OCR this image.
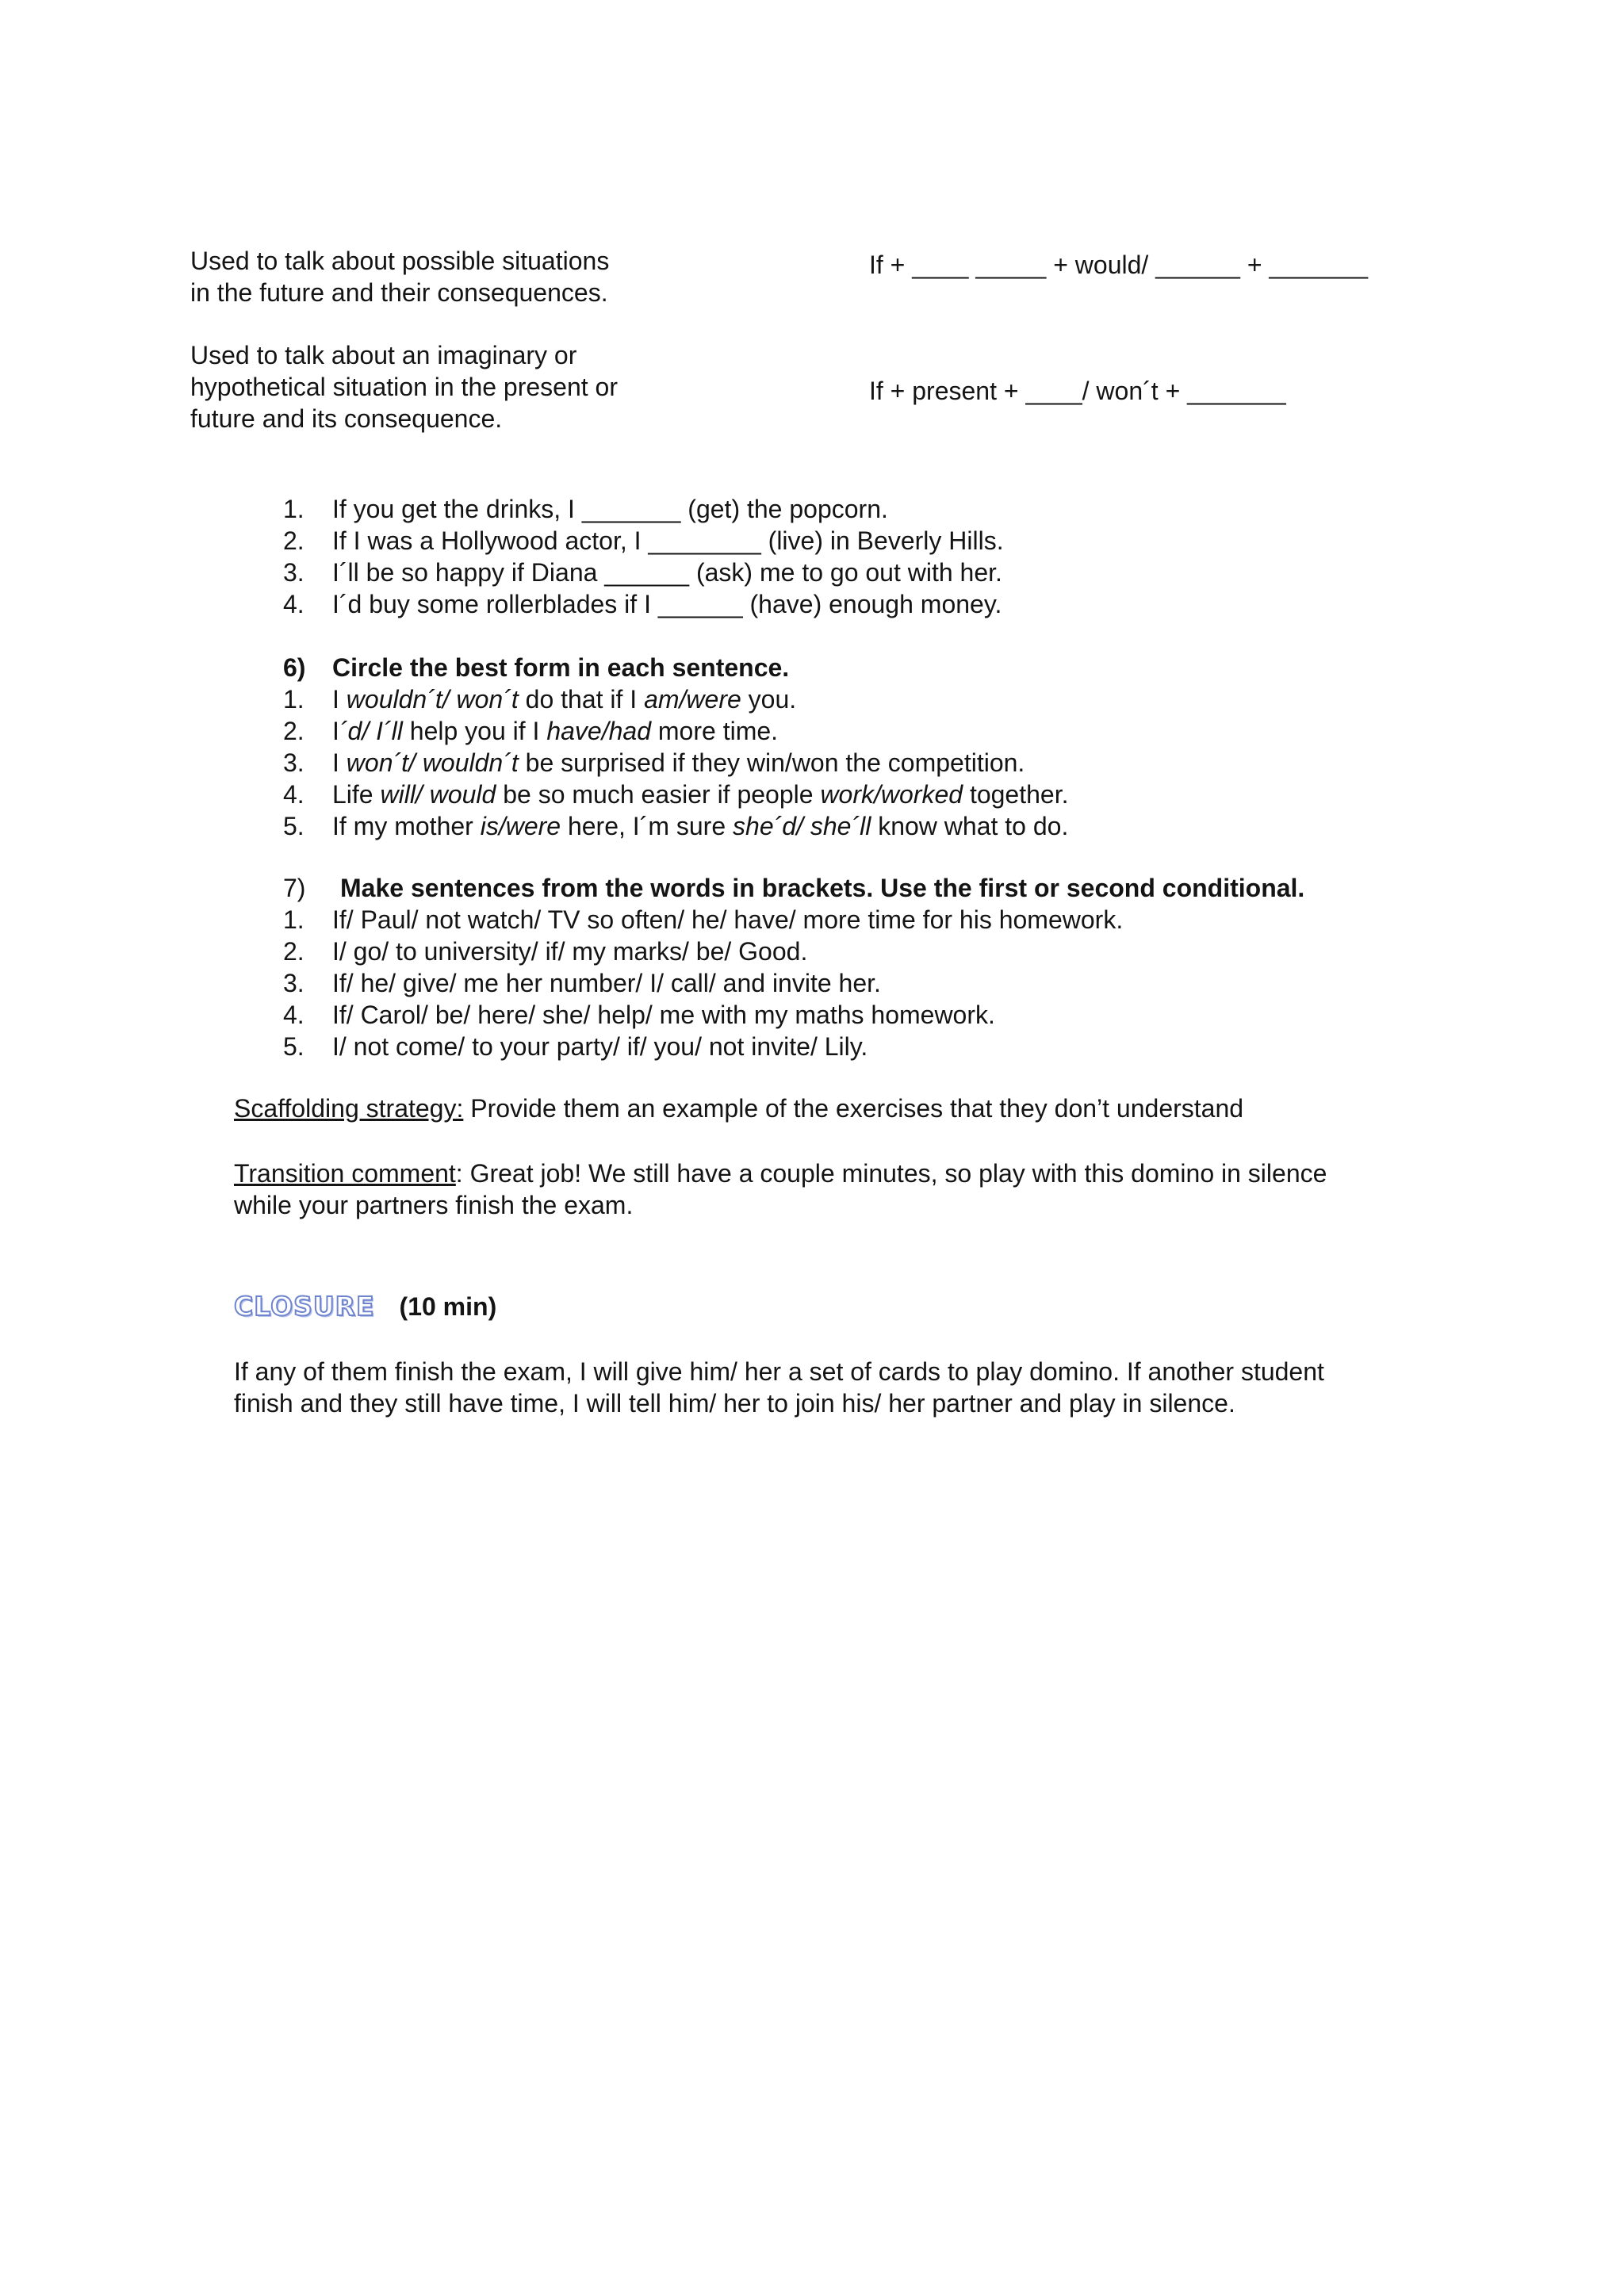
Used to talk about possible situations
in the future and their consequences.
If + ____ _____ + would/ ______ + _______
Used to talk about an imaginary or
hypothetical situation in the present or
future and its consequence.
If + present + ____/ won´t + _______
1. If you get the drinks, I _______ (get) the popcorn.
2. If I was a Hollywood actor, I ________ (live) in Beverly Hills.
3. I´ll be so happy if Diana ______ (ask) me to go out with her.
4. I´d buy some rollerblades if I ______ (have) enough money.
6) Circle the best form in each sentence.
1. I wouldn´t/ won´t do that if I am/were you.
2. I´d/ I´ll help you if I have/had more time.
3. I won´t/ wouldn´t be surprised if they win/won the competition.
4. Life will/ would be so much easier if people work/worked together.
5. If my mother is/were here, I´m sure she´d/ she´ll know what to do.
7) Make sentences from the words in brackets. Use the first or second conditional.
1. If/ Paul/ not watch/ TV so often/ he/ have/ more time for his homework.
2. I/ go/ to university/ if/ my marks/ be/ Good.
3. If/ he/ give/ me her number/ I/ call/ and invite her.
4. If/ Carol/ be/ here/ she/ help/ me with my maths homework.
5. I/ not come/ to your party/ if/ you/ not invite/ Lily.
Scaffolding strategy: Provide them an example of the exercises that they don’t understand
Transition comment: Great job! We still have a couple minutes, so play with this domino in silence while your partners finish the exam.
CLOSURE (10 min)
If any of them finish the exam, I will give him/ her a set of cards to play domino. If another student finish and they still have time, I will tell him/ her to join his/ her partner and play in silence.
